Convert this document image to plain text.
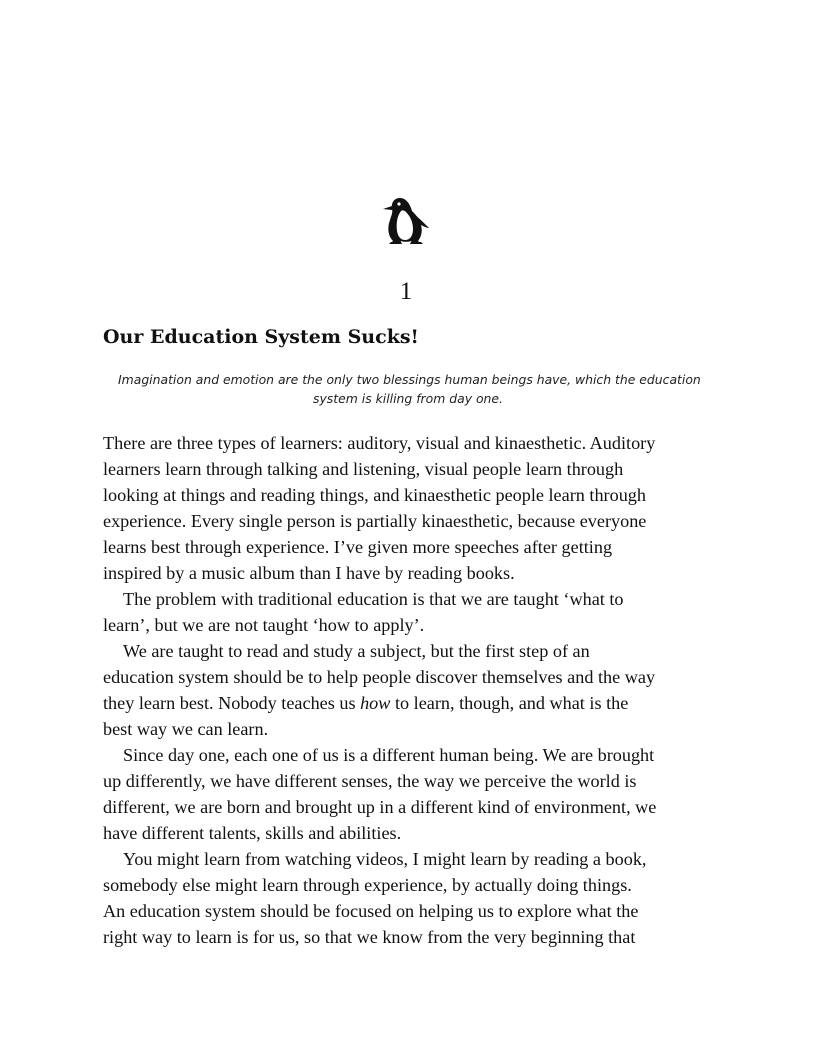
1
Our Education System Sucks!

Imagination and emotion are the only two blessings human beings have, which the education
system is killing from day one.

There are three types of learners: auditory, visual and kinaesthetic. Auditory
learners learn through talking and listening, visual people learn through
looking at things and reading things, and kinaesthetic people learn through
experience. Every single person is partially kinaesthetic, because everyone
learns best through experience. I’ve given more speeches after getting
inspired by a music album than I have by reading books.
The problem with traditional education is that we are taught ‘what to
learn’, but we are not taught ‘how to apply’.
We are taught to read and study a subject, but the first step of an
education system should be to help people discover themselves and the way
they learn best. Nobody teaches us how to learn, though, and what is the
best way we can learn.
Since day one, each one of us is a different human being. We are brought
up differently, we have different senses, the way we perceive the world is
different, we are born and brought up in a different kind of environment, we
have different talents, skills and abilities.
You might learn from watching videos, I might learn by reading a book,
somebody else might learn through experience, by actually doing things.
An education system should be focused on helping us to explore what the
right way to learn is for us, so that we know from the very beginning that
